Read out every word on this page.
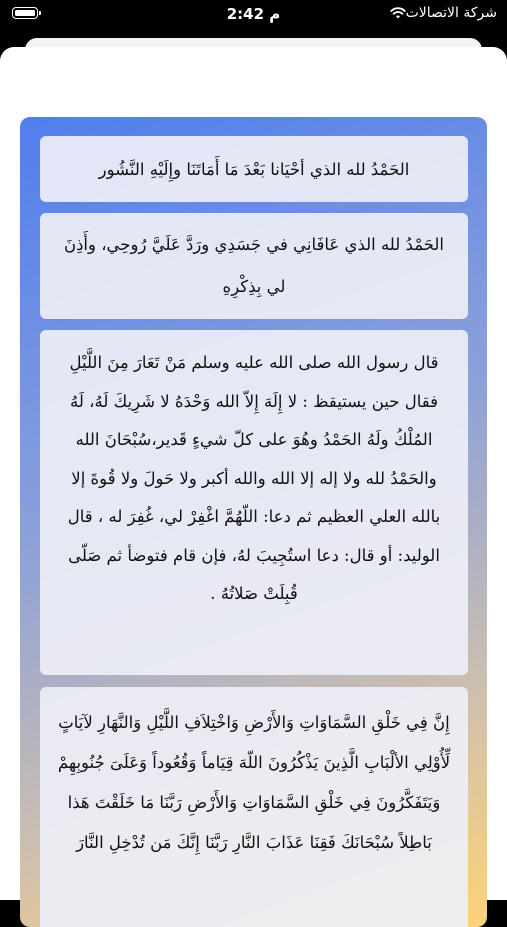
2:42 م	شركة الاتصالات

الحَمْدُ لله الذي أحْيَانا بَعْدَ مَا أَمَاتَنَا وإِلَيْهِ النَّشُور

الحَمْدُ لله الذي عَافَانِي في جَسَدِي ورَدَّ عَلَيَّ رُوحِي، وأَذِنَ لي بِذِكْرِهِ

قال رسول الله صلى الله عليه وسلم مَنْ تَعَارَ مِنَ اللَّيْلِ فقال حين يستيقظ : لا إِلَهَ إِلاّ الله وَحْدَهُ لا شَرِيكَ لَهُ، لَهُ المُلْكُ ولَهُ الحَمْدُ وهُوَ على كلّ شيءٍ قَدير،سُبْحَانَ الله والحَمْدُ لله ولا إله إلا الله والله أكبر ولا حَولَ ولا قُوةَ إلا بالله العلي العظيم ثم دعا: اللّهُمَّ اغْفِرْ لي، غُفِرَ له ، قال الوليد: أو قال: دعا استُجِيبَ لهُ، فإن قام فتوضأ ثم صَلّى قُبِلَتْ صَلاتُهُ .

إِنَّ فِي خَلْقِ السَّمَاوَاتِ وَالأَرْضِ وَاخْتِلاَفِ اللَّيْلِ وَالنَّهَارِ لآيَاتٍ لِّأُوْلِي الألْبَابِ الَّذِينَ يَذْكُرُونَ اللّهَ قِيَاماً وَقُعُوداً وَعَلَىَ جُنُوبِهِمْ وَيَتَفَكَّرُونَ فِي خَلْقِ السَّمَاوَاتِ وَالأَرْضِ رَبَّنَا مَا خَلَقْتَ هَذا بَاطِلاً سُبْحَانَكَ فَقِنَا عَذَابَ النَّارِ رَبَّنَا إِنَّكَ مَن تُدْخِلِ النَّارَ
